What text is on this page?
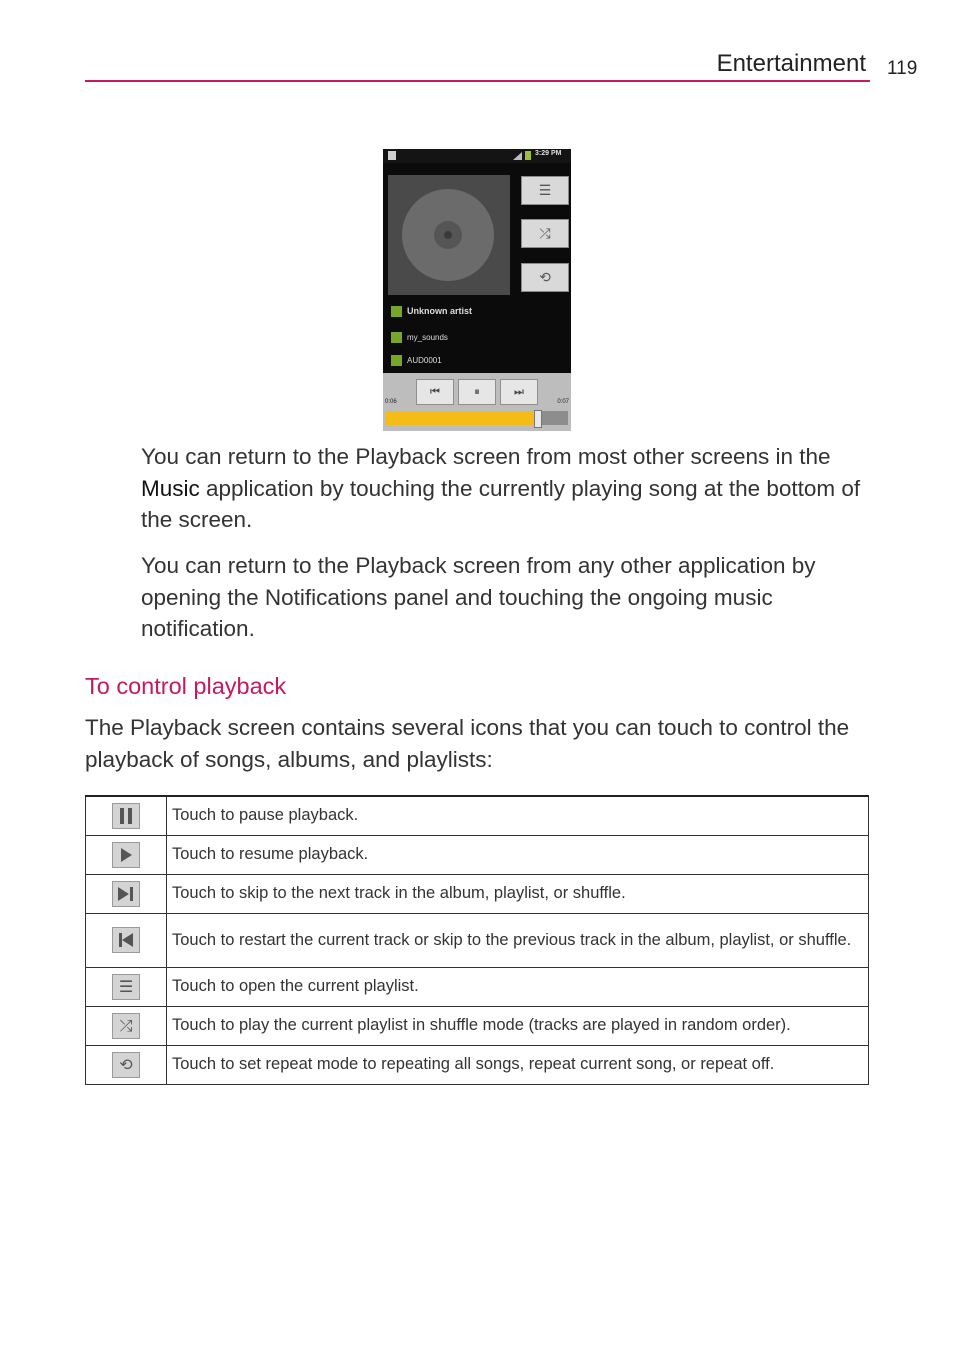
Entertainment 119
3:29 PM
☰
⤮
⟲
Unknown artist
my_sounds
AUD0001
⏮	⏸	⏭
0:06	0:07

You can return to the Playback screen from most other screens in the Music application by touching the currently playing song at the bottom of the screen.

You can return to the Playback screen from any other application by opening the Notifications panel and touching the ongoing music notification.

To control playback

The Playback screen contains several icons that you can touch to control the playback of songs, albums, and playlists:

	Touch to pause playback.

	Touch to resume playback.

	Touch to skip to the next track in the album, playlist, or shuffle.

	Touch to restart the current track or skip to the previous track in the album, playlist, or shuffle.

☰	Touch to open the current playlist.

⤮	Touch to play the current playlist in shuffle mode (tracks are played in random order).

⟲	Touch to set repeat mode to repeating all songs, repeat current song, or repeat off.
